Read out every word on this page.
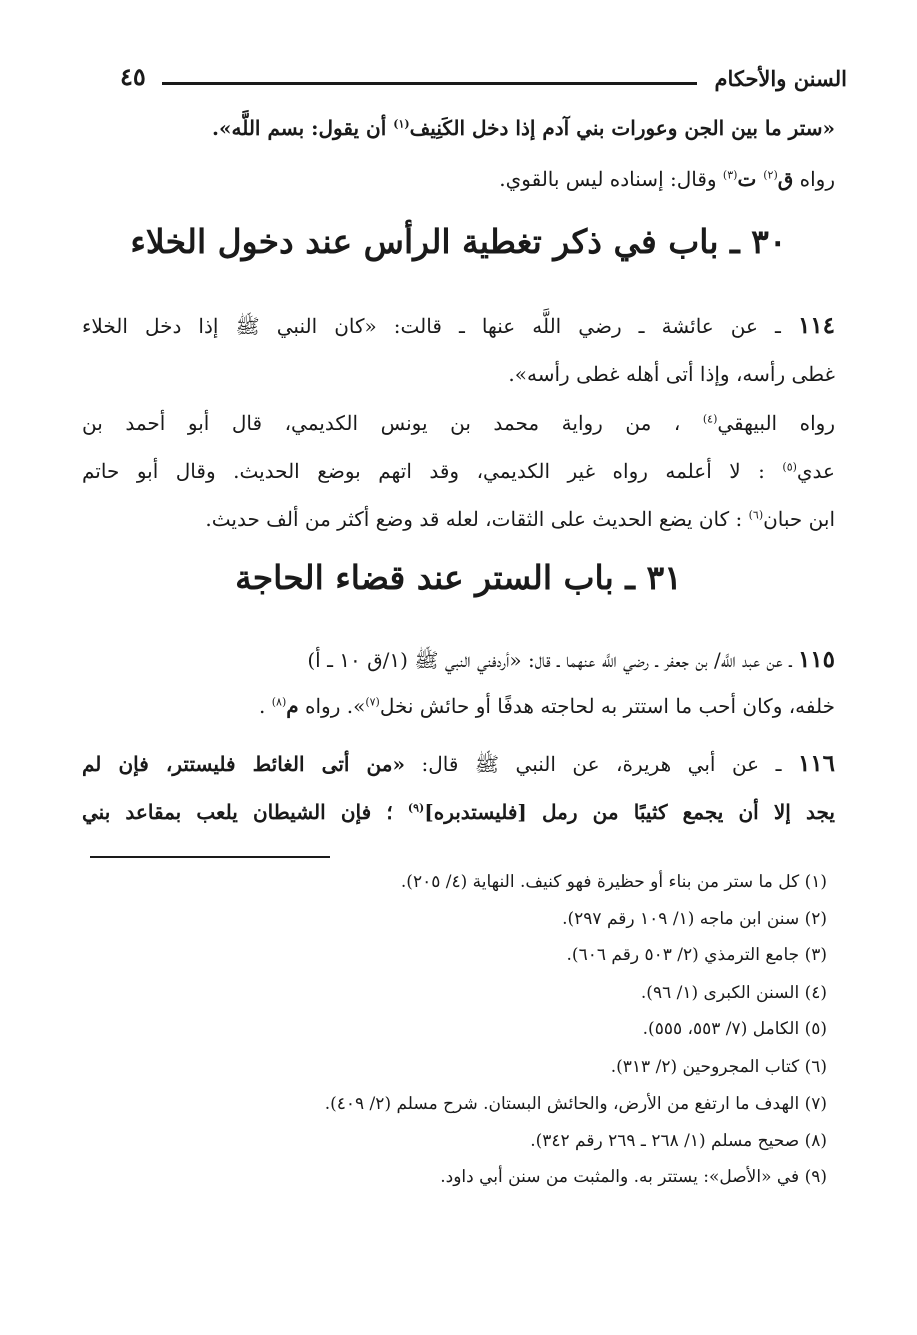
السنن والأحكام
٤٥
«ستر ما بين الجن وعورات بني آدم إذا دخل الكَنِيف$^{(١)}$ أن يقول: بسم اللَّه».
رواه ق$^{(٢)}$ ت$^{(٣)}$ وقال: إسناده ليس بالقوي.
٣٠ ـ باب في ذكر تغطية الرأس عند دخول الخلاء
١١٤ ـ عن عائشة ـ رضي اللَّه عنها ـ قالت: «كان النبي ﷺ إذا دخل الخلاء
غطى رأسه، وإذا أتى أهله غطى رأسه».
رواه البيهقي$^{(٤)}$ ، من رواية محمد بن يونس الكديمي، قال أبو أحمد بن
عدي$^{(٥)}$ : لا أعلمه رواه غير الكديمي، وقد اتهم بوضع الحديث. وقال أبو حاتم
ابن حبان$^{(٦)}$ : كان يضع الحديث على الثقات، لعله قد وضع أكثر من ألف حديث.
٣١ ـ باب الستر عند قضاء الحاجة
١١٥ ـ عن عبد اللَّه/ بن جعفر ـ رضي اللَّه عنهما ـ قال: «أردفني النبي ﷺ (١/ق ١٠ ـ أ)
خلفه، وكان أحب ما استتر به لحاجته هدفًا أو حائش نخل$^{(٧)}$». رواه م$^{(٨)}$ .
١١٦ ـ عن أبي هريرة، عن النبي ﷺ قال: «من أتى الغائط فليستتر، فإن لم
يجد إلا أن يجمع كثيبًا من رمل [فليستدبره]$^{(٩)}$ ؛ فإن الشيطان يلعب بمقاعد بني
(١) كل ما ستر من بناء أو حظيرة فهو كنيف. النهاية (٤/ ٢٠٥).
(٢) سنن ابن ماجه (١/ ١٠٩ رقم ٢٩٧).
(٣) جامع الترمذي (٢/ ٥٠٣ رقم ٦٠٦).
(٤) السنن الكبرى (١/ ٩٦).
(٥) الكامل (٧/ ٥٥٣، ٥٥٥).
(٦) كتاب المجروحين (٢/ ٣١٣).
(٧) الهدف ما ارتفع من الأرض، والحائش البستان. شرح مسلم (٢/ ٤٠٩).
(٨) صحيح مسلم (١/ ٢٦٨ ـ ٢٦٩ رقم ٣٤٢).
(٩) في «الأصل»: يستتر به. والمثبت من سنن أبي داود.
